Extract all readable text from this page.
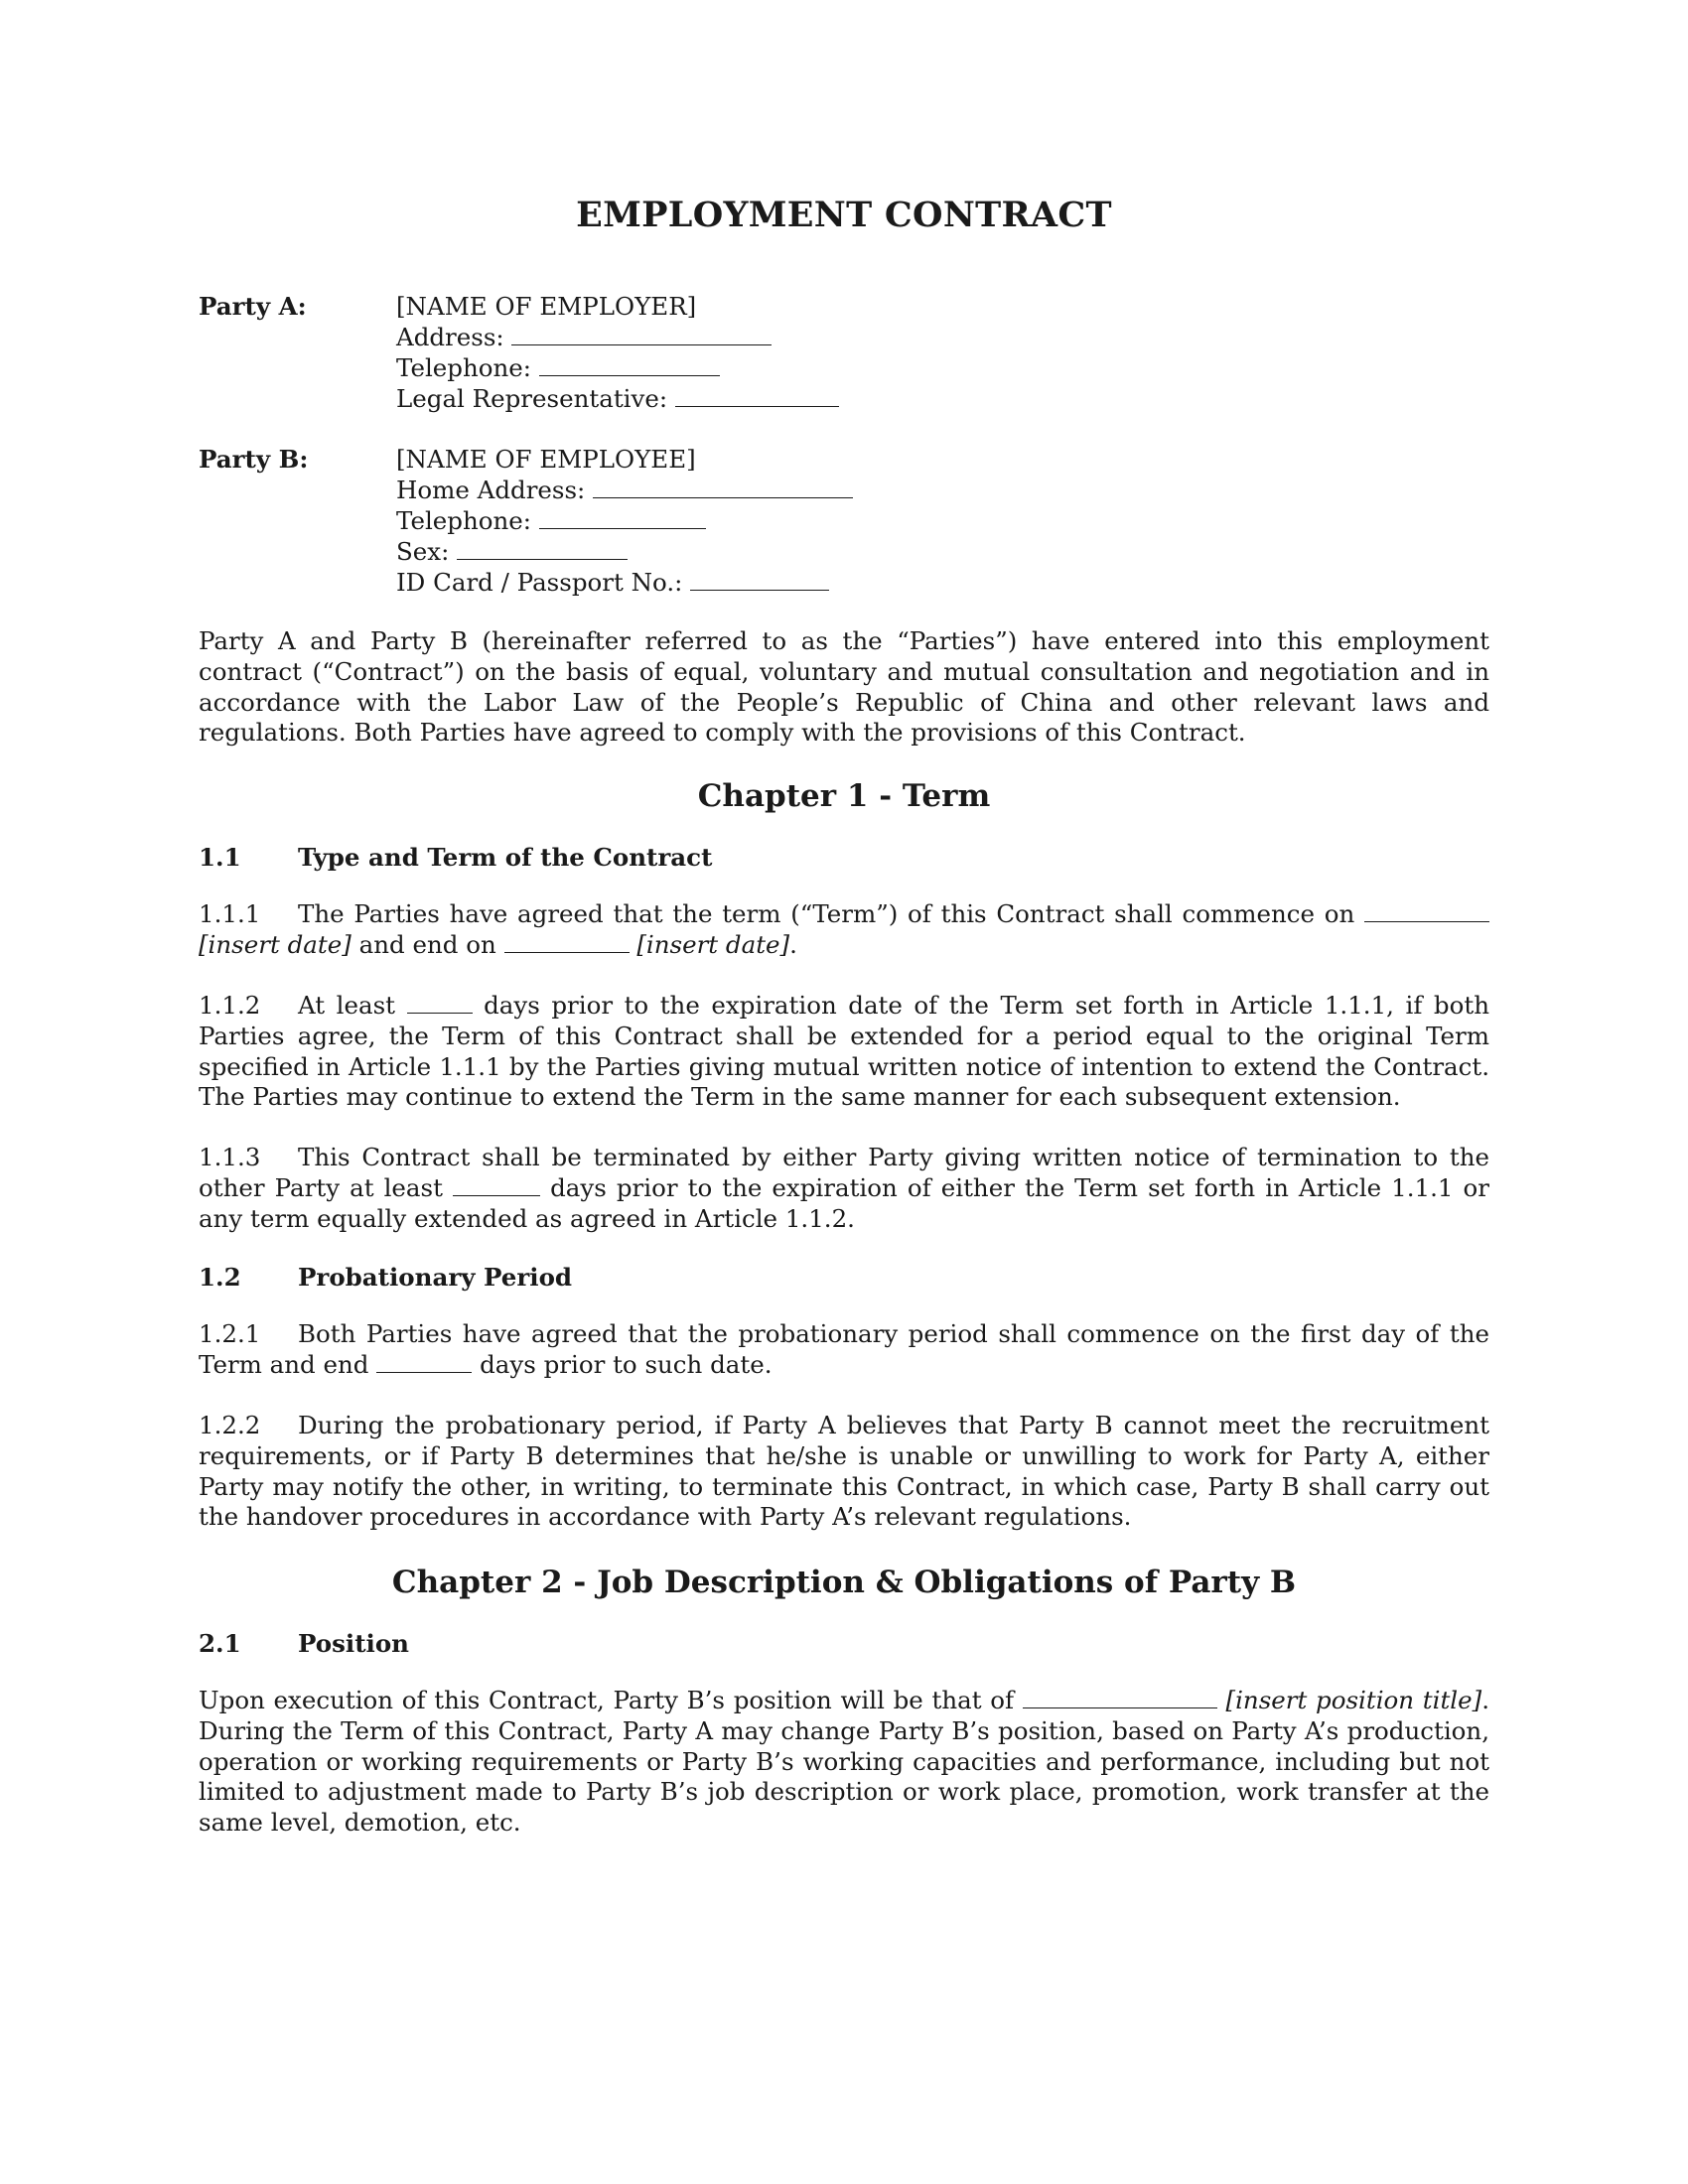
EMPLOYMENT CONTRACT
Party A:	[NAME OF EMPLOYER]
Address:
Telephone:
Legal Representative:
Party B:	[NAME OF EMPLOYEE]
Home Address:
Telephone:
Sex:
ID Card / Passport No.:
Party A and Party B (hereinafter referred to as the “Parties”) have entered into this employment contract (“Contract”) on the basis of equal, voluntary and mutual consultation and negotiation and in accordance with the Labor Law of the People’s Republic of China and other relevant laws and regulations. Both Parties have agreed to comply with the provisions of this Contract.
Chapter 1 - Term
1.1 Type and Term of the Contract
1.1.1 The Parties have agreed that the term (“Term”) of this Contract shall commence on  [insert date] and end on	[insert date].
1.1.2 At least	days prior to the expiration date of the Term set forth in Article 1.1.1, if both Parties agree, the Term of this Contract shall be extended for a period equal to the original Term specified in Article 1.1.1 by the Parties giving mutual written notice of intention to extend the Contract. The Parties may continue to extend the Term in the same manner for each subsequent extension.
1.1.3 This Contract shall be terminated by either Party giving written notice of termination to the other Party at least	days prior to the expiration of either the Term set forth in Article 1.1.1 or any term equally extended as agreed in Article 1.1.2.
1.2 Probationary Period
1.2.1 Both Parties have agreed that the probationary period shall commence on the first day of the Term and end	days prior to such date.
1.2.2 During the probationary period, if Party A believes that Party B cannot meet the recruitment requirements, or if Party B determines that he/she is unable or unwilling to work for Party A, either Party may notify the other, in writing, to terminate this Contract, in which case, Party B shall carry out the handover procedures in accordance with Party A’s relevant regulations.
Chapter 2 - Job Description & Obligations of Party B
2.1 Position
Upon execution of this Contract, Party B’s position will be that of	[insert position title]. During the Term of this Contract, Party A may change Party B’s position, based on Party A’s production, operation or working requirements or Party B’s working capacities and performance, including but not limited to adjustment made to Party B’s job description or work place, promotion, work transfer at the same level, demotion, etc.
